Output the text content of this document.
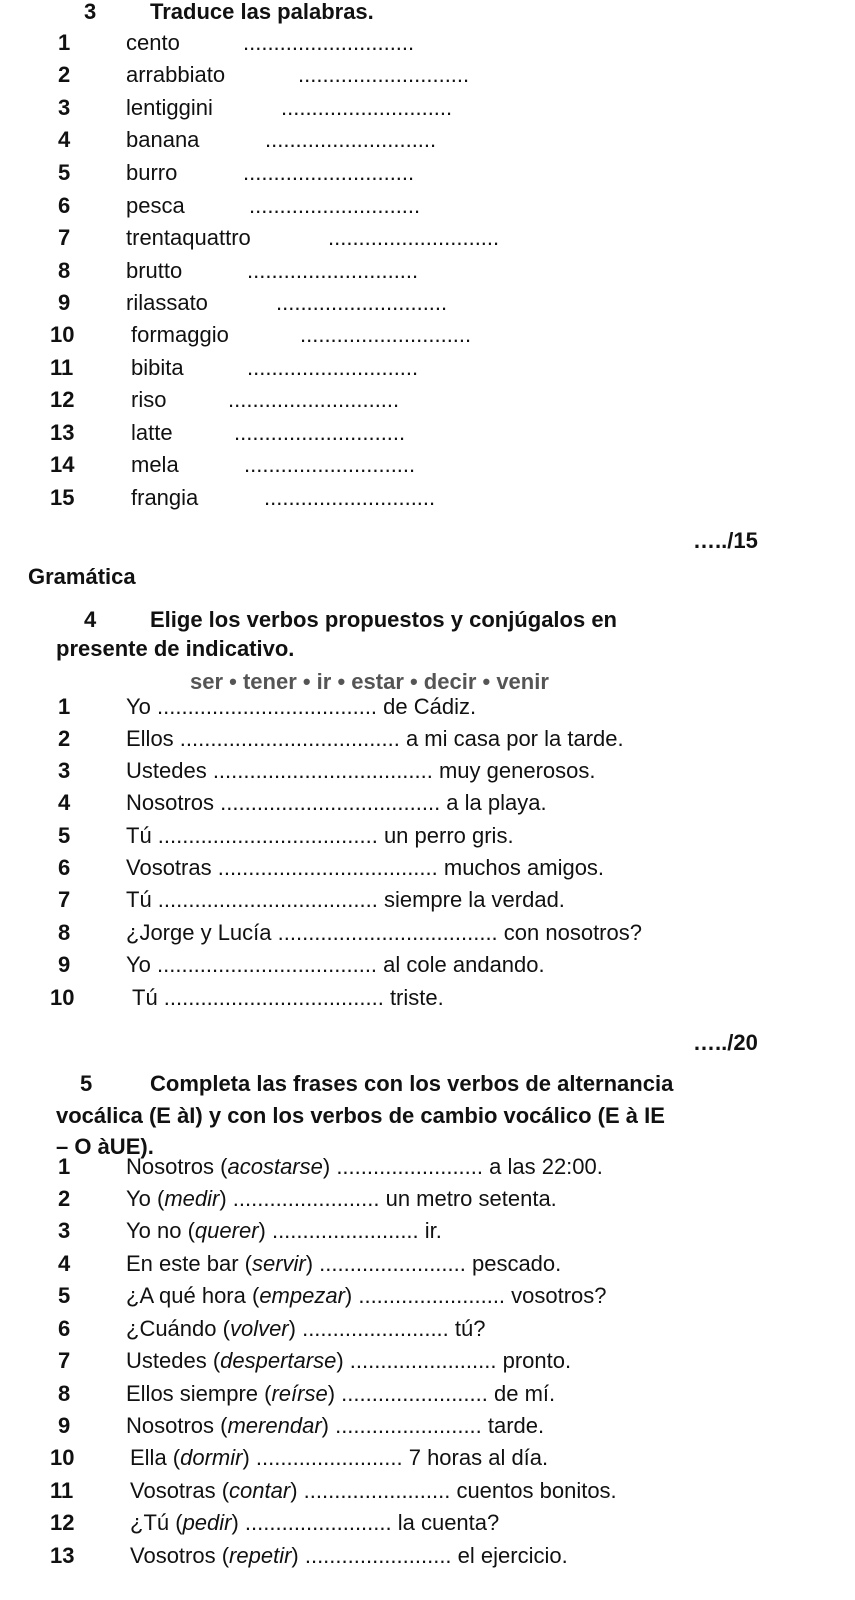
3 Traduce las palabras.
1	cento	............................
2	arrabbiato	............................
3	lentiggini	............................
4	banana	............................
5	burro	............................
6	pesca	............................
7	trentaquattro	............................
8	brutto	............................
9	rilassato	............................
10	formaggio	............................
11	bibita	............................
12	riso	............................
13	latte	............................
14	mela	............................
15	frangia	............................
…../15
Gramática
4 Elige los verbos propuestos y conjúgalos en
presente de indicativo.
ser • tener • ir • estar • decir • venir
1	Yo .................................... de Cádiz.
2	Ellos .................................... a mi casa por la tarde.
3	Ustedes .................................... muy generosos.
4	Nosotros .................................... a la playa.
5	Tú .................................... un perro gris.
6	Vosotras .................................... muchos amigos.
7	Tú .................................... siempre la verdad.
8	¿Jorge y Lucía .................................... con nosotros?
9	Yo .................................... al cole andando.
10	Tú .................................... triste.
…../20
5	Completa las frases con los verbos de alternancia
vocálica (E àI) y con los verbos de cambio vocálico (E à IE
– O àUE).
1	Nosotros (acostarse) ........................ a las 22:00.
2	Yo (medir) ........................ un metro setenta.
3	Yo no (querer) ........................ ir.
4	En este bar (servir) ........................ pescado.
5	¿A qué hora (empezar) ........................ vosotros?
6	¿Cuándo (volver) ........................ tú?
7	Ustedes (despertarse) ........................ pronto.
8	Ellos siempre (reírse) ........................ de mí.
9	Nosotros (merendar) ........................ tarde.
10	Ella (dormir) ........................ 7 horas al día.
11	Vosotras (contar) ........................ cuentos bonitos.
12	¿Tú (pedir) ........................ la cuenta?
13	Vosotros (repetir) ........................ el ejercicio.
